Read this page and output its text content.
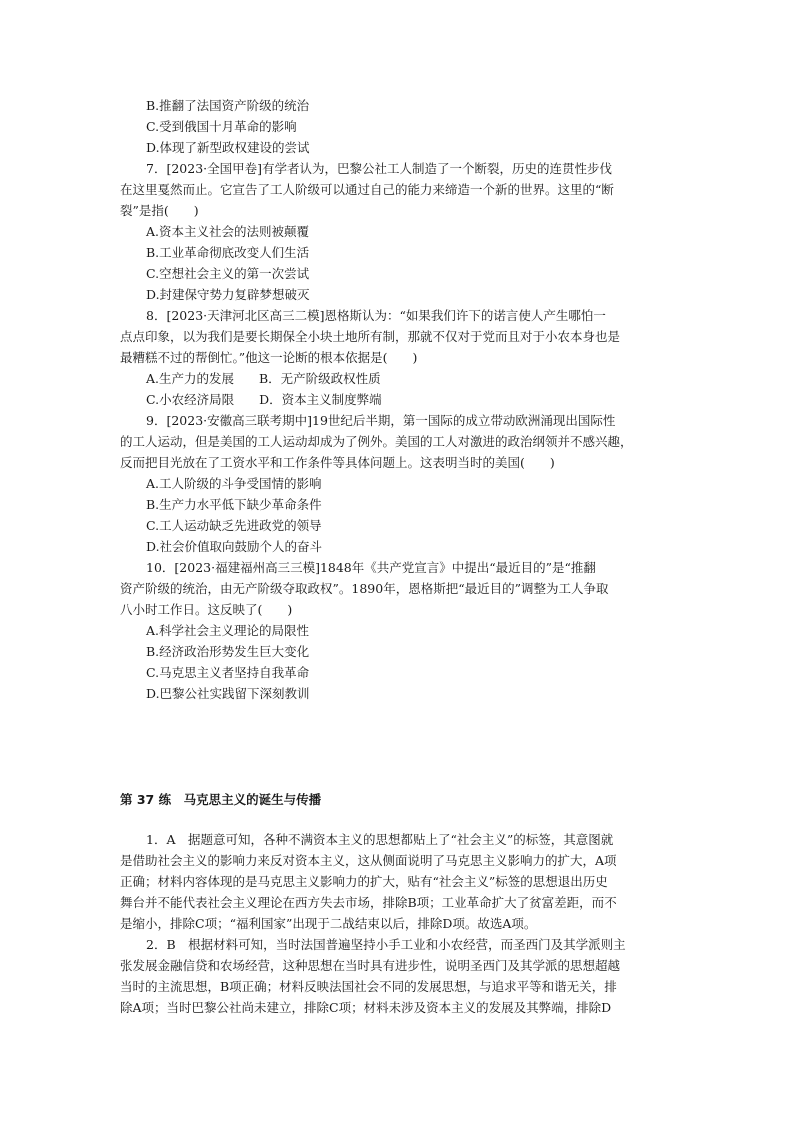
B.推翻了法国资产阶级的统治
C.受到俄国十月革命的影响
D.体现了新型政权建设的尝试
7．[2023·全国甲卷]有学者认为，巴黎公社工人制造了一个断裂，历史的连贯性步伐
在这里戛然而止。它宣告了工人阶级可以通过自己的能力来缔造一个新的世界。这里的“断
裂”是指(　　)
A.资本主义社会的法则被颠覆
B.工业革命彻底改变人们生活
C.空想社会主义的第一次尝试
D.封建保守势力复辟梦想破灭
8．[2023·天津河北区高三二模]恩格斯认为：“如果我们许下的诺言使人产生哪怕一
点点印象，以为我们是要长期保全小块土地所有制，那就不仅对于党而且对于小农本身也是
最糟糕不过的帮倒忙。”他这一论断的根本依据是(　　)
A.生产力的发展　　B．无产阶级政权性质
C.小农经济局限　　D．资本主义制度弊端
9．[2023·安徽高三联考期中]19世纪后半期，第一国际的成立带动欧洲涌现出国际性
的工人运动，但是美国的工人运动却成为了例外。美国的工人对激进的政治纲领并不感兴趣，
反而把目光放在了工资水平和工作条件等具体问题上。这表明当时的美国(　　)
A.工人阶级的斗争受国情的影响
B.生产力水平低下缺少革命条件
C.工人运动缺乏先进政党的领导
D.社会价值取向鼓励个人的奋斗
10．[2023·福建福州高三三模]1848年《共产党宣言》中提出“最近目的”是“推翻
资产阶级的统治，由无产阶级夺取政权”。1890年，恩格斯把“最近目的”调整为工人争取
八小时工作日。这反映了(　　)
A.科学社会主义理论的局限性
B.经济政治形势发生巨大变化
C.马克思主义者坚持自我革命
D.巴黎公社实践留下深刻教训
第 37 练　马克思主义的诞生与传播
1．A　据题意可知，各种不满资本主义的思想都贴上了“社会主义”的标签，其意图就
是借助社会主义的影响力来反对资本主义，这从侧面说明了马克思主义影响力的扩大，A项
正确；材料内容体现的是马克思主义影响力的扩大，贴有“社会主义”标签的思想退出历史
舞台并不能代表社会主义理论在西方失去市场，排除B项；工业革命扩大了贫富差距，而不
是缩小，排除C项；“福利国家”出现于二战结束以后，排除D项。故选A项。
2．B　根据材料可知，当时法国普遍坚持小手工业和小农经营，而圣西门及其学派则主
张发展金融信贷和农场经营，这种思想在当时具有进步性，说明圣西门及其学派的思想超越
当时的主流思想，B项正确；材料反映法国社会不同的发展思想，与追求平等和谐无关，排
除A项；当时巴黎公社尚未建立，排除C项；材料未涉及资本主义的发展及其弊端，排除D
